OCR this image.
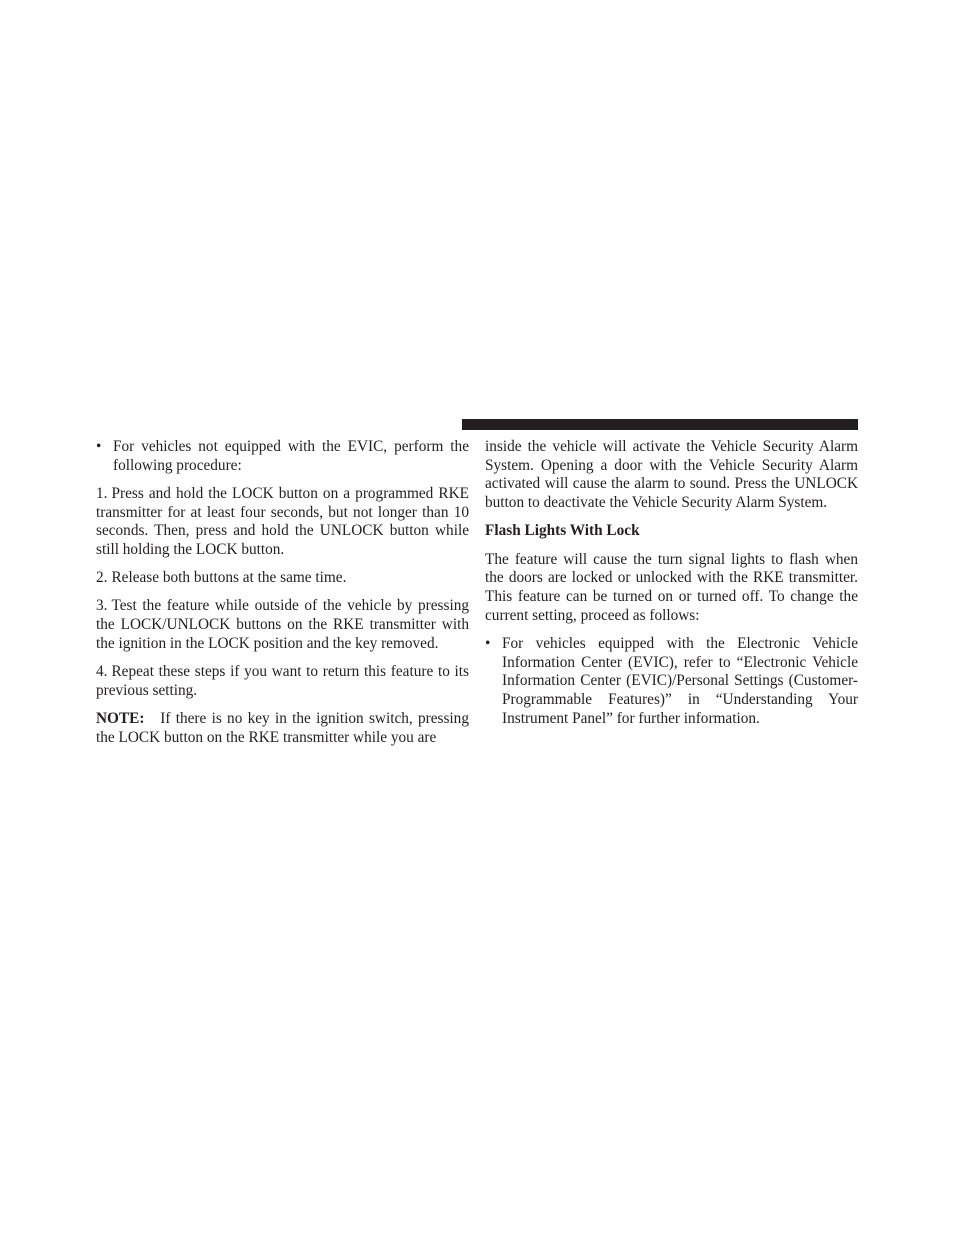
• For vehicles not equipped with the EVIC, perform the following procedure:

1. Press and hold the LOCK button on a programmed RKE transmitter for at least four seconds, but not longer than 10 seconds. Then, press and hold the UNLOCK button while still holding the LOCK button.

2. Release both buttons at the same time.

3. Test the feature while outside of the vehicle by pressing the LOCK/UNLOCK buttons on the RKE transmitter with the ignition in the LOCK position and the key removed.

4. Repeat these steps if you want to return this feature to its previous setting.

NOTE: If there is no key in the ignition switch, pressing the LOCK button on the RKE transmitter while you are

inside the vehicle will activate the Vehicle Security Alarm System. Opening a door with the Vehicle Security Alarm activated will cause the alarm to sound. Press the UNLOCK button to deactivate the Vehicle Security Alarm System.

Flash Lights With Lock

The feature will cause the turn signal lights to flash when the doors are locked or unlocked with the RKE transmitter. This feature can be turned on or turned off. To change the current setting, proceed as follows:

• For vehicles equipped with the Electronic Vehicle Information Center (EVIC), refer to “Electronic Vehicle Information Center (EVIC)/Personal Settings (Customer-Programmable Features)” in “Understanding Your Instrument Panel” for further information.
